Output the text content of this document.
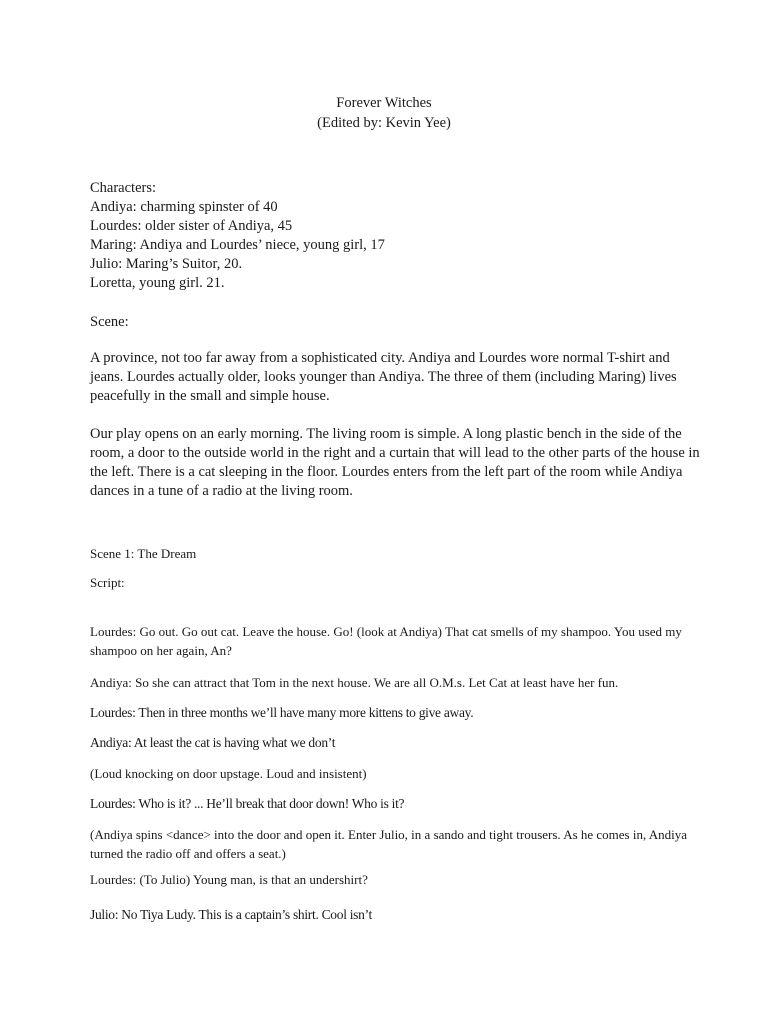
Forever Witches
(Edited by: Kevin Yee)
Characters:
Andiya: charming spinster of 40
Lourdes: older sister of Andiya, 45
Maring: Andiya and Lourdes’ niece, young girl, 17
Julio: Maring’s Suitor, 20.
Loretta, young girl. 21.
Scene:
A province, not too far away from a sophisticated city. Andiya and Lourdes wore normal T-shirt and
jeans. Lourdes actually older, looks younger than Andiya. The three of them (including Maring) lives
peacefully in the small and simple house.
Our play opens on an early morning. The living room is simple. A long plastic bench in the side of the
room, a door to the outside world in the right and a curtain that will lead to the other parts of the house in
the left. There is a cat sleeping in the floor. Lourdes enters from the left part of the room while Andiya
dances in a tune of a radio at the living room.
Scene 1: The Dream
Script:
Lourdes: Go out. Go out cat. Leave the house. Go! (look at Andiya) That cat smells of my shampoo. You used my
shampoo on her again, An?
Andiya: So she can attract that Tom in the next house. We are all O.M.s. Let Cat at least have her fun.
Lourdes: Then in three months we’ll have many more kittens to give away.
Andiya: At least the cat is having what we don’t
(Loud knocking on door upstage. Loud and insistent)
Lourdes: Who is it? ... He’ll break that door down! Who is it?
(Andiya spins <dance> into the door and open it. Enter Julio, in a sando and tight trousers. As he comes in, Andiya
turned the radio off and offers a seat.)
Lourdes: (To Julio) Young man, is that an undershirt?
Julio: No Tiya Ludy. This is a captain’s shirt. Cool isn’t
